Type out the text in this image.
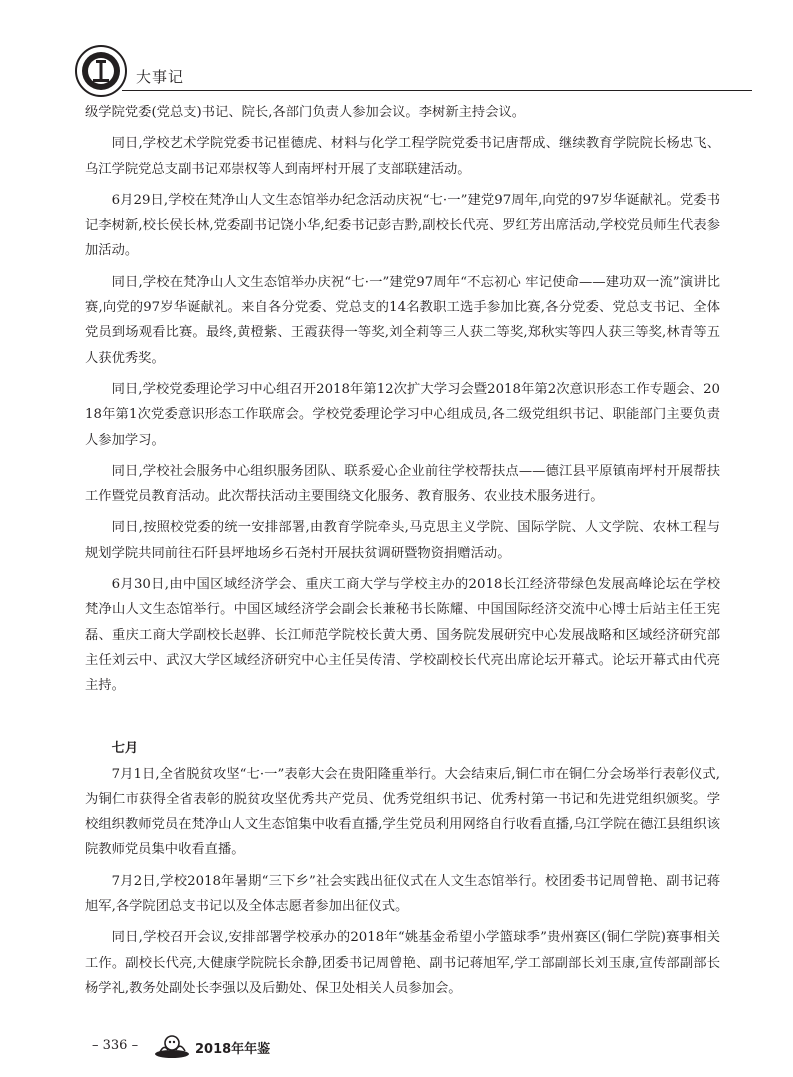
大事记

级学院党委(党总支)书记、院长,各部门负责人参加会议。李树新主持会议。

同日,学校艺术学院党委书记崔德虎、材料与化学工程学院党委书记唐帮成、继续教育学院院长杨忠飞、乌江学院党总支副书记邓崇权等人到南坪村开展了支部联建活动。

6月29日,学校在梵净山人文生态馆举办纪念活动庆祝“七·一”建党97周年,向党的97岁华诞献礼。党委书记李树新,校长侯长林,党委副书记饶小华,纪委书记彭吉黔,副校长代亮、罗红芳出席活动,学校党员师生代表参加活动。

同日,学校在梵净山人文生态馆举办庆祝“七·一”建党97周年“不忘初心 牢记使命——建功双一流”演讲比赛,向党的97岁华诞献礼。来自各分党委、党总支的14名教职工选手参加比赛,各分党委、党总支书记、全体党员到场观看比赛。最终,黄橙紫、王霞获得一等奖,刘全莉等三人获二等奖,郑秋实等四人获三等奖,林青等五人获优秀奖。

同日,学校党委理论学习中心组召开2018年第12次扩大学习会暨2018年第2次意识形态工作专题会、2018年第1次党委意识形态工作联席会。学校党委理论学习中心组成员,各二级党组织书记、职能部门主要负责人参加学习。

同日,学校社会服务中心组织服务团队、联系爱心企业前往学校帮扶点——德江县平原镇南坪村开展帮扶工作暨党员教育活动。此次帮扶活动主要围绕文化服务、教育服务、农业技术服务进行。

同日,按照校党委的统一安排部署,由教育学院牵头,马克思主义学院、国际学院、人文学院、农林工程与规划学院共同前往石阡县坪地场乡石尧村开展扶贫调研暨物资捐赠活动。

6月30日,由中国区域经济学会、重庆工商大学与学校主办的2018长江经济带绿色发展高峰论坛在学校梵净山人文生态馆举行。中国区域经济学会副会长兼秘书长陈耀、中国国际经济交流中心博士后站主任王宪磊、重庆工商大学副校长赵骅、长江师范学院校长黄大勇、国务院发展研究中心发展战略和区域经济研究部主任刘云中、武汉大学区域经济研究中心主任吴传清、学校副校长代亮出席论坛开幕式。论坛开幕式由代亮主持。

七月

7月1日,全省脱贫攻坚“七·一”表彰大会在贵阳隆重举行。大会结束后,铜仁市在铜仁分会场举行表彰仪式,为铜仁市获得全省表彰的脱贫攻坚优秀共产党员、优秀党组织书记、优秀村第一书记和先进党组织颁奖。学校组织教师党员在梵净山人文生态馆集中收看直播,学生党员利用网络自行收看直播,乌江学院在德江县组织该院教师党员集中收看直播。

7月2日,学校2018年暑期“三下乡”社会实践出征仪式在人文生态馆举行。校团委书记周曾艳、副书记蒋旭军,各学院团总支书记以及全体志愿者参加出征仪式。

同日,学校召开会议,安排部署学校承办的2018年“姚基金希望小学篮球季”贵州赛区(铜仁学院)赛事相关工作。副校长代亮,大健康学院院长余静,团委书记周曾艳、副书记蒋旭军,学工部副部长刘玉康,宣传部副部长杨学礼,教务处副处长李强以及后勤处、保卫处相关人员参加会。

– 336 –	2018年年鉴
